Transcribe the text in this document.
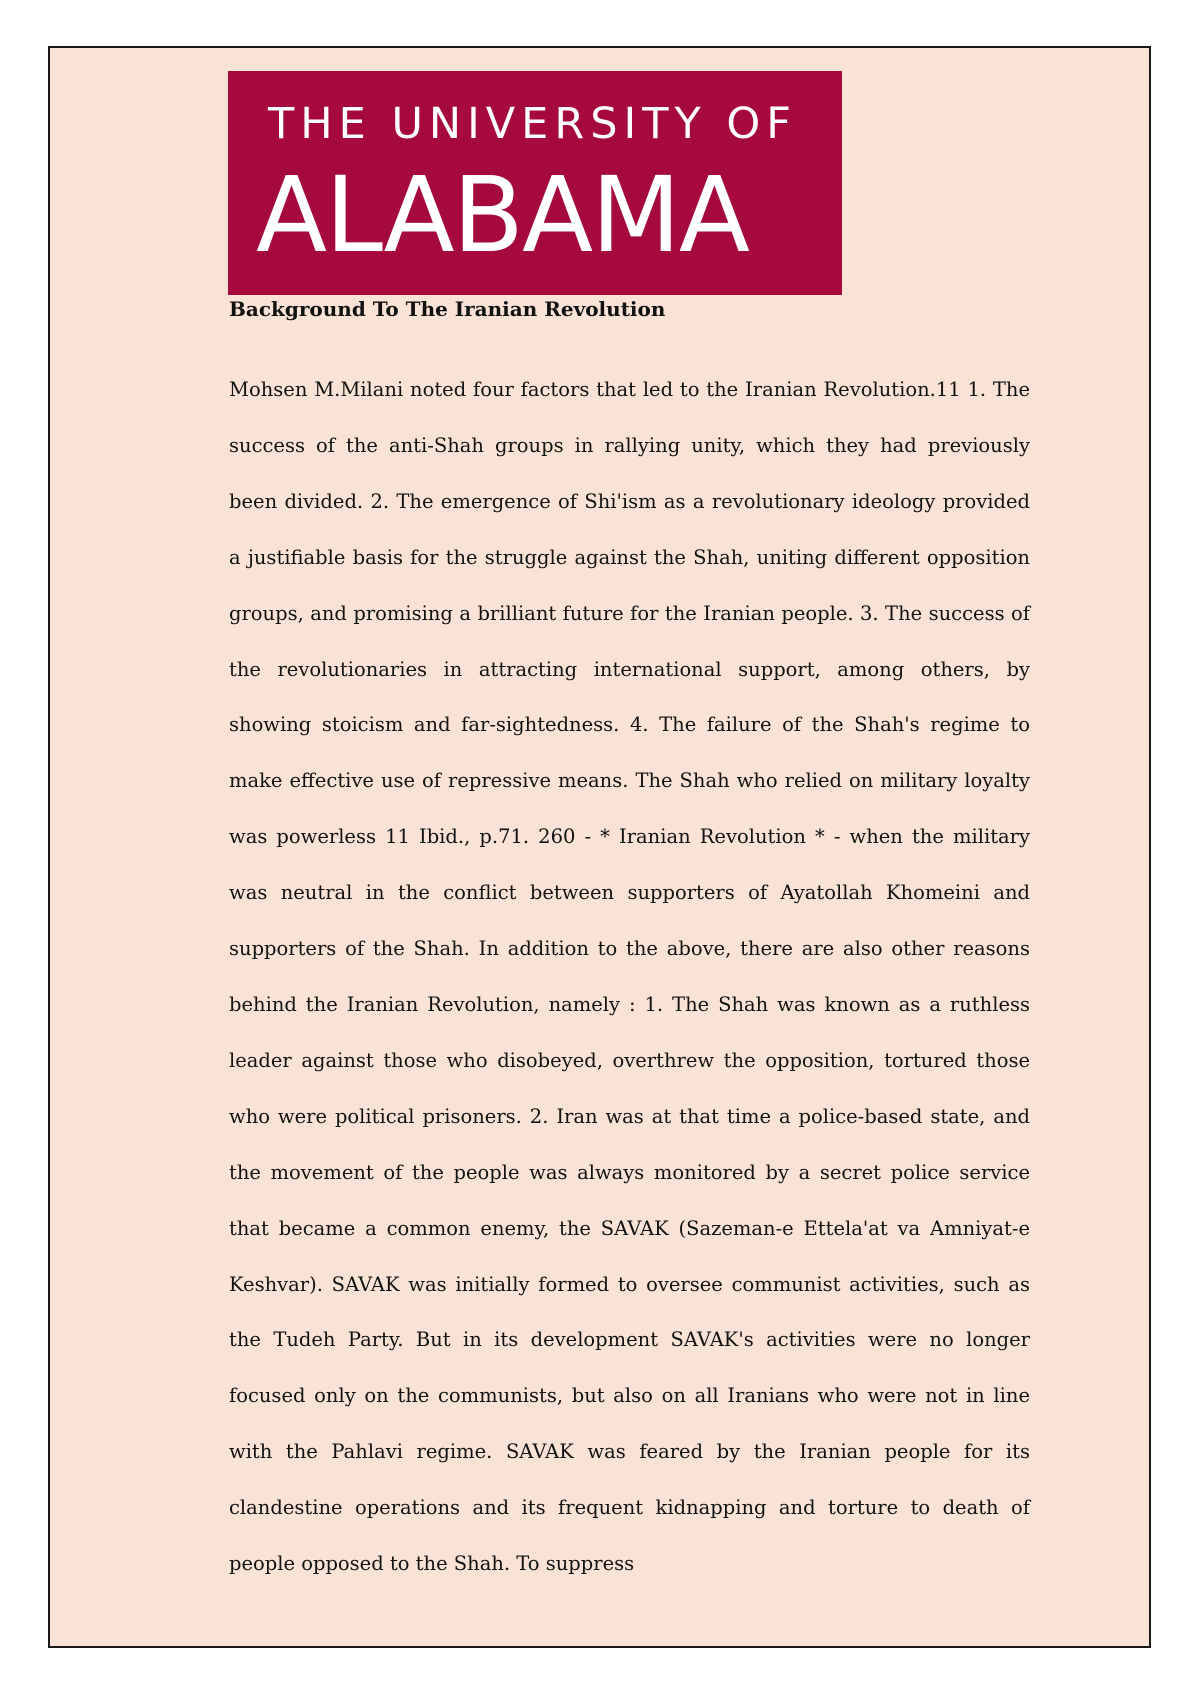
THE UNIVERSITY OF
ALABAMA
Background To The Iranian Revolution

Mohsen M.Milani noted four factors that led to the Iranian Revolution.11 1. The success of the anti-Shah groups in rallying unity, which they had previously been divided. 2. The emergence of Shi'ism as a revolutionary ideology provided a justifiable basis for the struggle against the Shah, uniting different opposition groups, and promising a brilliant future for the Iranian people. 3. The success of the revolutionaries in attracting international support, among others, by showing stoicism and far-sightedness. 4. The failure of the Shah's regime to make effective use of repressive means. The Shah who relied on military loyalty was powerless 11 Ibid., p.71. 260 - * Iranian Revolution * - when the military was neutral in the conflict between supporters of Ayatollah Khomeini and supporters of the Shah. In addition to the above, there are also other reasons behind the Iranian Revolution, namely : 1. The Shah was known as a ruthless leader against those who disobeyed, overthrew the opposition, tortured those who were political prisoners. 2. Iran was at that time a police-based state, and the movement of the people was always monitored by a secret police service that became a common enemy, the SAVAK (Sazeman-e Ettela'at va Amniyat-e Keshvar). SAVAK was initially formed to oversee communist activities, such as the Tudeh Party. But in its development SAVAK's activities were no longer focused only on the communists, but also on all Iranians who were not in line with the Pahlavi regime. SAVAK was feared by the Iranian people for its clandestine operations and its frequent kidnapping and torture to death of people opposed to the Shah. To suppress
